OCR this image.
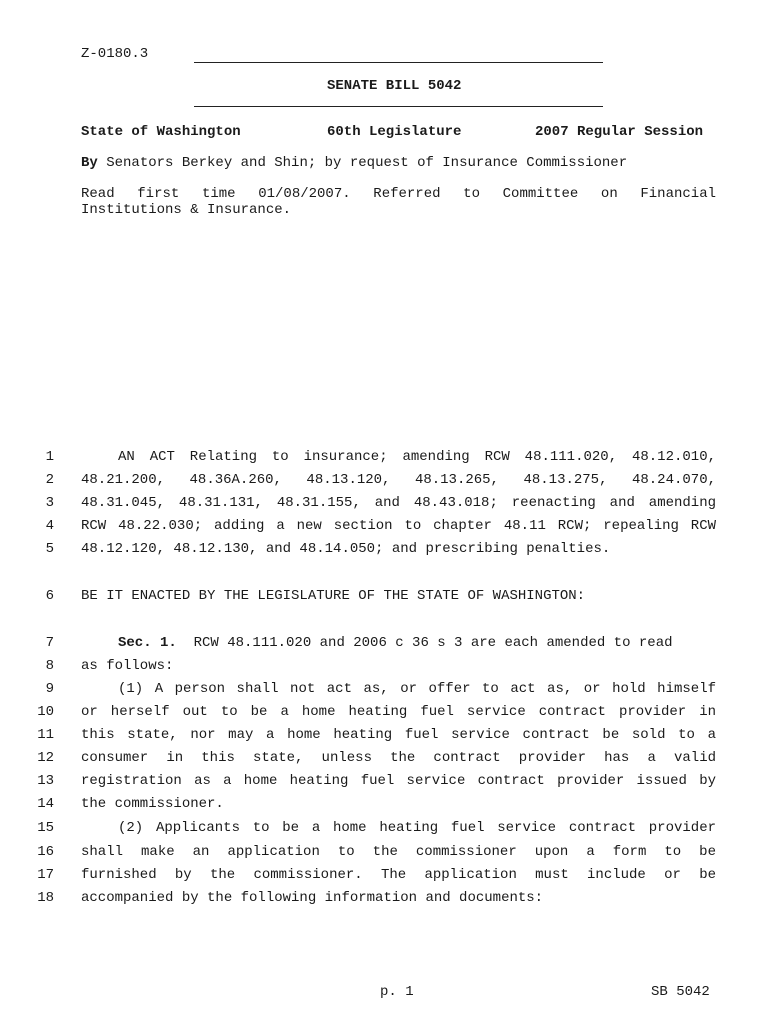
Z-0180.3
SENATE BILL 5042
State of Washington	60th Legislature	2007 Regular Session
By Senators Berkey and Shin; by request of Insurance Commissioner
Read first time 01/08/2007. Referred to Committee on Financial
Institutions & Insurance.
1	AN ACT Relating to insurance; amending RCW 48.111.020, 48.12.010,
2 48.21.200, 48.36A.260, 48.13.120, 48.13.265, 48.13.275, 48.24.070,
3 48.31.045, 48.31.131, 48.31.155, and 48.43.018; reenacting and amending
4 RCW 48.22.030; adding a new section to chapter 48.11 RCW; repealing RCW
5 48.12.120, 48.12.130, and 48.14.050; and prescribing penalties.
6 BE IT ENACTED BY THE LEGISLATURE OF THE STATE OF WASHINGTON:
7	Sec. 1.  RCW 48.111.020 and 2006 c 36 s 3 are each amended to read
8 as follows:
9	(1) A person shall not act as, or offer to act as, or hold himself
10 or herself out to be a home heating fuel service contract provider in
11 this state, nor may a home heating fuel service contract be sold to a
12 consumer in this state, unless the contract provider has a valid
13 registration as a home heating fuel service contract provider issued by
14 the commissioner.
15	(2) Applicants to be a home heating fuel service contract provider
16 shall make an application to the commissioner upon a form to be
17 furnished by the commissioner. The application must include or be
18 accompanied by the following information and documents:
p. 1	SB 5042
